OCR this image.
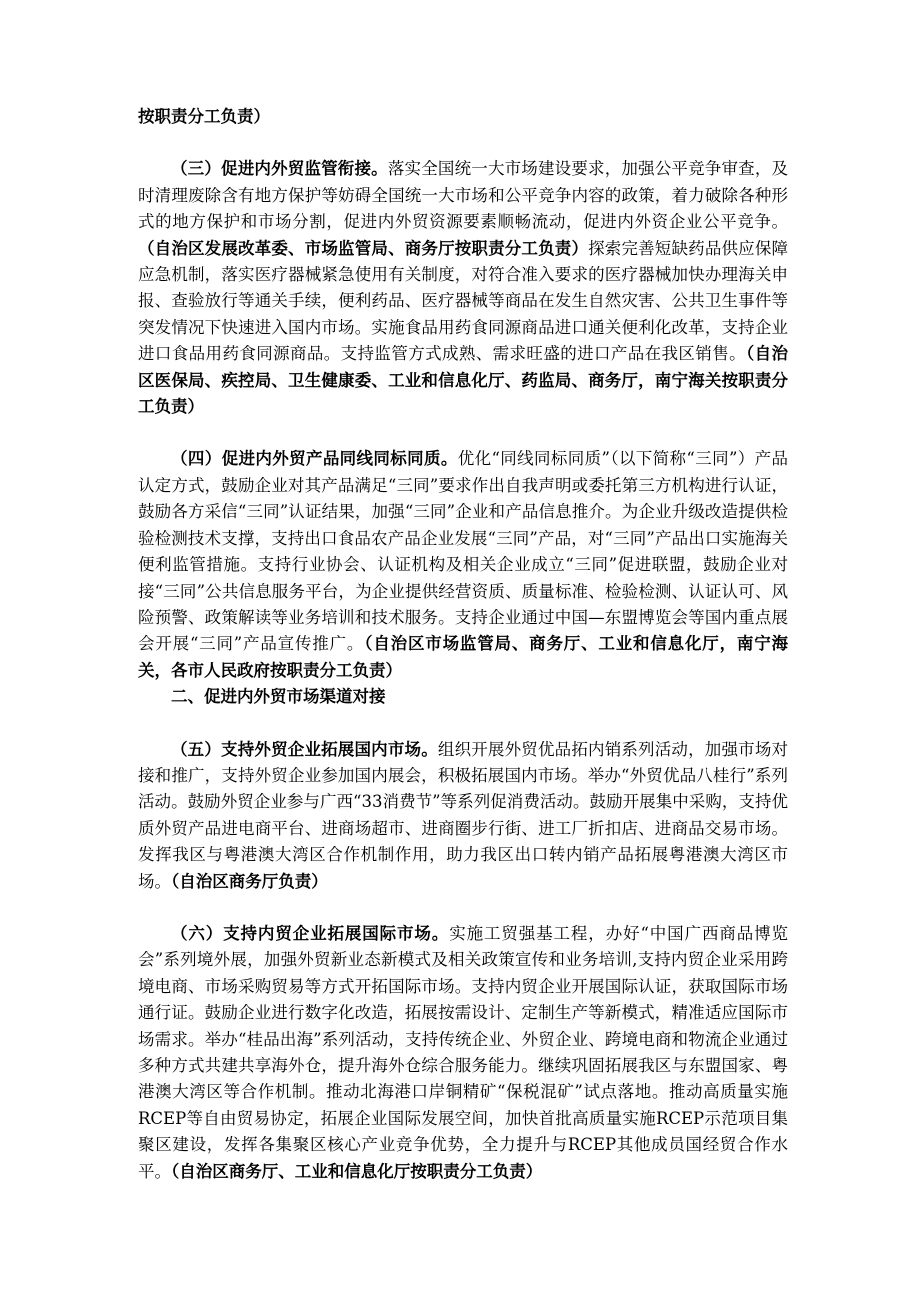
按职责分工负责）

（三）促进内外贸监管衔接。落实全国统一大市场建设要求，加强公平竞争审查，及时清理废除含有地方保护等妨碍全国统一大市场和公平竞争内容的政策，着力破除各种形式的地方保护和市场分割，促进内外贸资源要素顺畅流动，促进内外资企业公平竞争。（自治区发展改革委、市场监管局、商务厅按职责分工负责）探索完善短缺药品供应保障应急机制，落实医疗器械紧急使用有关制度，对符合准入要求的医疗器械加快办理海关申报、查验放行等通关手续，便利药品、医疗器械等商品在发生自然灾害、公共卫生事件等突发情况下快速进入国内市场。实施食品用药食同源商品进口通关便利化改革，支持企业进口食品用药食同源商品。支持监管方式成熟、需求旺盛的进口产品在我区销售。（自治区医保局、疾控局、卫生健康委、工业和信息化厅、药监局、商务厅，南宁海关按职责分工负责）

（四）促进内外贸产品同线同标同质。优化“同线同标同质”（以下简称“三同”）产品认定方式，鼓励企业对其产品满足“三同”要求作出自我声明或委托第三方机构进行认证，鼓励各方采信“三同”认证结果，加强“三同”企业和产品信息推介。为企业升级改造提供检验检测技术支撑，支持出口食品农产品企业发展“三同”产品，对“三同”产品出口实施海关便利监管措施。支持行业协会、认证机构及相关企业成立“三同”促进联盟，鼓励企业对接“三同”公共信息服务平台，为企业提供经营资质、质量标准、检验检测、认证认可、风险预警、政策解读等业务培训和技术服务。支持企业通过中国—东盟博览会等国内重点展会开展“三同”产品宣传推广。（自治区市场监管局、商务厅、工业和信息化厅，南宁海关，各市人民政府按职责分工负责）

二、促进内外贸市场渠道对接

（五）支持外贸企业拓展国内市场。组织开展外贸优品拓内销系列活动，加强市场对接和推广，支持外贸企业参加国内展会，积极拓展国内市场。举办“外贸优品八桂行”系列活动。鼓励外贸企业参与广西“33消费节”等系列促消费活动。鼓励开展集中采购，支持优质外贸产品进电商平台、进商场超市、进商圈步行街、进工厂折扣店、进商品交易市场。发挥我区与粤港澳大湾区合作机制作用，助力我区出口转内销产品拓展粤港澳大湾区市场。（自治区商务厅负责）

（六）支持内贸企业拓展国际市场。实施工贸强基工程，办好“中国广西商品博览会”系列境外展，加强外贸新业态新模式及相关政策宣传和业务培训,支持内贸企业采用跨境电商、市场采购贸易等方式开拓国际市场。支持内贸企业开展国际认证，获取国际市场通行证。鼓励企业进行数字化改造，拓展按需设计、定制生产等新模式，精准适应国际市场需求。举办“桂品出海”系列活动，支持传统企业、外贸企业、跨境电商和物流企业通过多种方式共建共享海外仓，提升海外仓综合服务能力。继续巩固拓展我区与东盟国家、粤港澳大湾区等合作机制。推动北海港口岸铜精矿“保税混矿”试点落地。推动高质量实施RCEP等自由贸易协定，拓展企业国际发展空间，加快首批高质量实施RCEP示范项目集聚区建设，发挥各集聚区核心产业竞争优势，全力提升与RCEP其他成员国经贸合作水平。（自治区商务厅、工业和信息化厅按职责分工负责）
